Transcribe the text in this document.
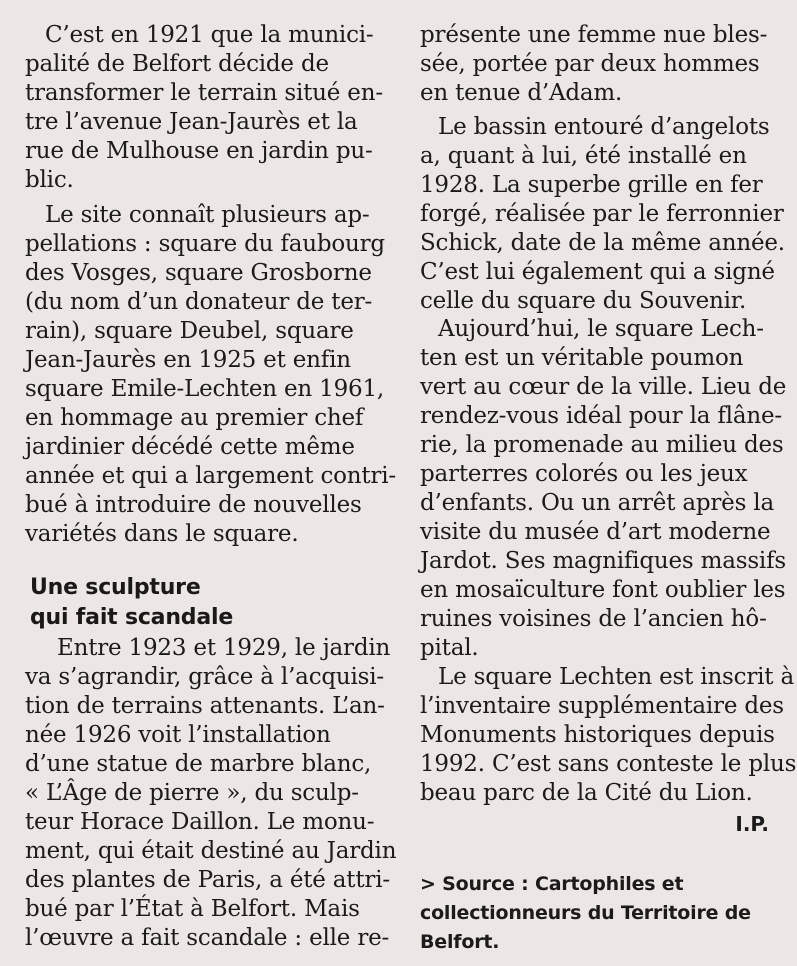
C’est en 1921 que la munici-
palité de Belfort décide de
transformer le terrain situé en-
tre l’avenue Jean-Jaurès et la
rue de Mulhouse en jardin pu-
blic.
Le site connaît plusieurs ap-
pellations : square du faubourg
des Vosges, square Grosborne
(du nom d’un donateur de ter-
rain), square Deubel, square
Jean-Jaurès en 1925 et enfin
square Emile-Lechten en 1961,
en hommage au premier chef
jardinier décédé cette même
année et qui a largement contri-
bué à introduire de nouvelles
variétés dans le square.
Une sculpture
qui fait scandale
Entre 1923 et 1929, le jardin
va s’agrandir, grâce à l’acquisi-
tion de terrains attenants. L’an-
née 1926 voit l’installation
d’une statue de marbre blanc,
« L’Âge de pierre », du sculp-
teur Horace Daillon. Le monu-
ment, qui était destiné au Jardin
des plantes de Paris, a été attri-
bué par l’État à Belfort. Mais
l’œuvre a fait scandale : elle re-
présente une femme nue bles-
sée, portée par deux hommes
en tenue d’Adam.
Le bassin entouré d’angelots
a, quant à lui, été installé en
1928. La superbe grille en fer
forgé, réalisée par le ferronnier
Schick, date de la même année.
C’est lui également qui a signé
celle du square du Souvenir.
Aujourd’hui, le square Lech-
ten est un véritable poumon
vert au cœur de la ville. Lieu de
rendez-vous idéal pour la flâne-
rie, la promenade au milieu des
parterres colorés ou les jeux
d’enfants. Ou un arrêt après la
visite du musée d’art moderne
Jardot. Ses magnifiques massifs
en mosaïculture font oublier les
ruines voisines de l’ancien hô-
pital.
Le square Lechten est inscrit à
l’inventaire supplémentaire des
Monuments historiques depuis
1992. C’est sans conteste le plus
beau parc de la Cité du Lion.
I.P.
> Source : Cartophiles et
collectionneurs du Territoire de
Belfort.
